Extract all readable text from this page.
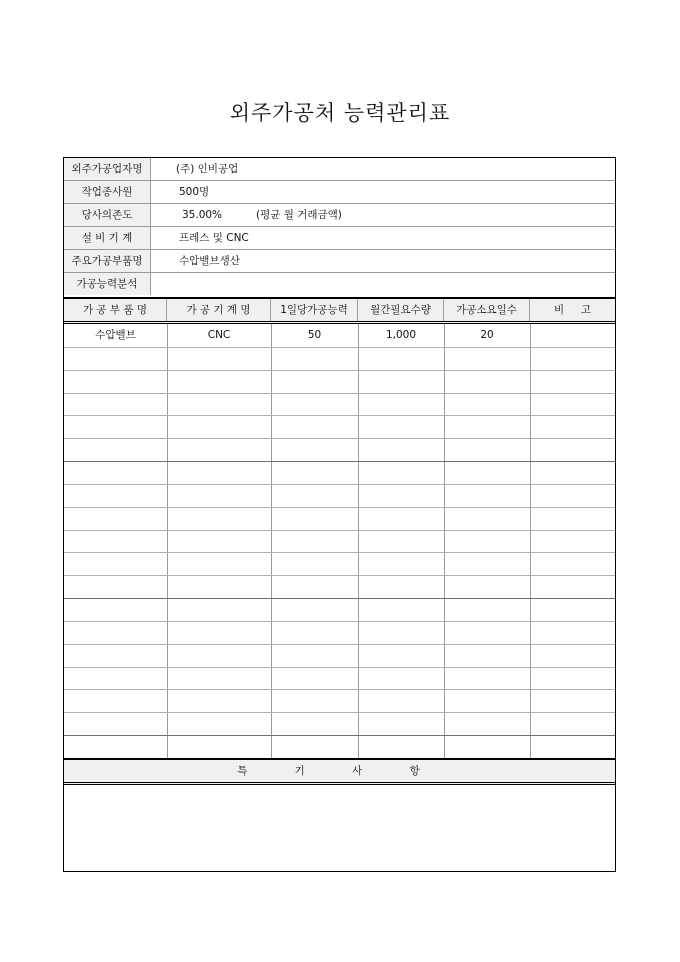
외주가공처 능력관리표
외주가공업자명	(주) 인비공업
작업종사원	500명
당사의존도	35.00%	(평균 월 거래금액)
설 비 기 계	프레스 및 CNC
주요가공부품명	수압밸브생산
가공능력분석
가 공 부 품 명	가 공 기 계 명	1일당가공능력	월간필요수량	가공소요일수	비     고
수압밸브	CNC	50	1,000	20
특 기 사 항
